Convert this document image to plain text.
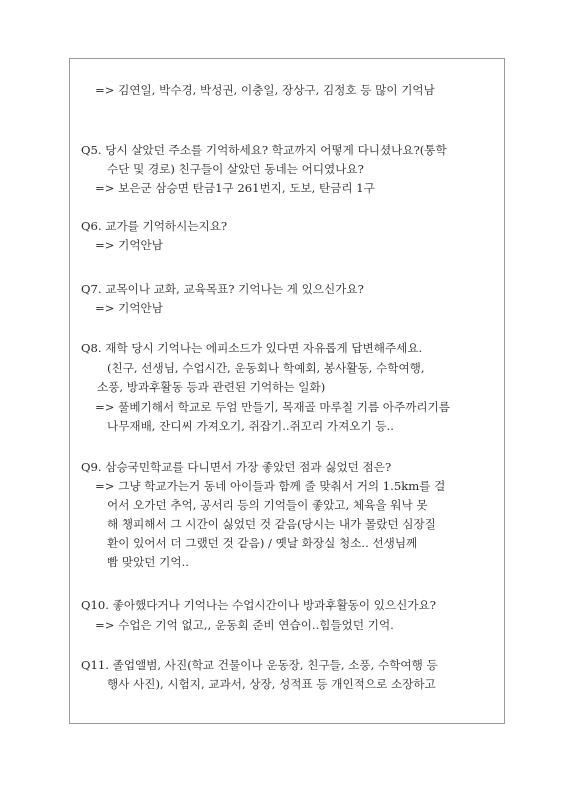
=> 김연일, 박수경, 박성권, 이충일, 장상구, 김정호 등 많이 기억남
Q5. 당시 살았던 주소를 기억하세요? 학교까지 어떻게 다니셨나요?(통학
수단 및 경로) 친구들이 살았던 동네는 어디였나요?
=> 보은군 삼승면 탄금1구 261번지, 도보, 탄금리 1구
Q6. 교가를 기억하시는지요?
=> 기억안남
Q7. 교목이나 교화, 교육목표? 기억나는 게 있으신가요?
=> 기억안남
Q8. 재학 당시 기억나는 에피소드가 있다면 자유롭게 답변해주세요.
(친구, 선생님, 수업시간, 운동회나 학예회, 봉사활동, 수학여행,
소풍, 방과후활동 등과 관련된 기억하는 일화)
=> 풀베기해서 학교로 두엄 만들기, 목재골 마루칠 기름 아주까리기름
나무재배, 잔디씨 가져오기, 쥐잡기..쥐꼬리 가져오기 등..
Q9. 삼승국민학교를 다니면서 가장 좋았던 점과 싫었던 점은?
=> 그냥 학교가는거 동네 아이들과 함께 줄 맞춰서 거의 1.5km를 걸
어서 오가던 추억, 공서리 등의 기억들이 좋았고, 체육을 워낙 못
해 챙피해서 그 시간이 싫었던 것 같음(당시는 내가 몰랐던 심장질
환이 있어서 더 그랬던 것 같음) / 옛날 화장실 청소.. 선생님께
빰 맞았던 기억..
Q10. 좋아했다거나 기억나는 수업시간이나 방과후활동이 있으신가요?
=> 수업은 기억 없고,, 운동회 준비 연습이..힘들었던 기억.
Q11. 졸업앨범, 사진(학교 건물이나 운동장, 친구들, 소풍, 수학여행 등
행사 사진), 시험지, 교과서, 상장, 성적표 등 개인적으로 소장하고
